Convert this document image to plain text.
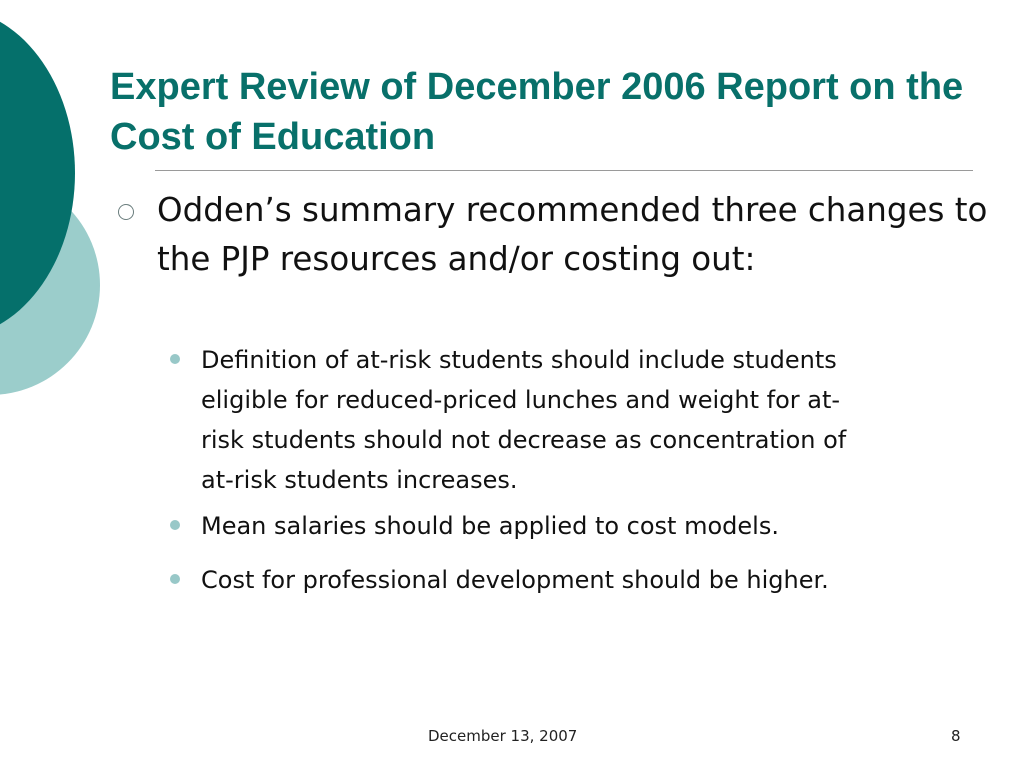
Expert Review of December 2006 Report on the Cost of Education
Odden’s summary recommended three changes to the PJP resources and/or costing out:
Definition of at-risk students should include students
eligible for reduced-priced lunches and weight for at-
risk students should not decrease as concentration of
at-risk students increases.
Mean salaries should be applied to cost models.
Cost for professional development should be higher.
December 13, 2007	8
